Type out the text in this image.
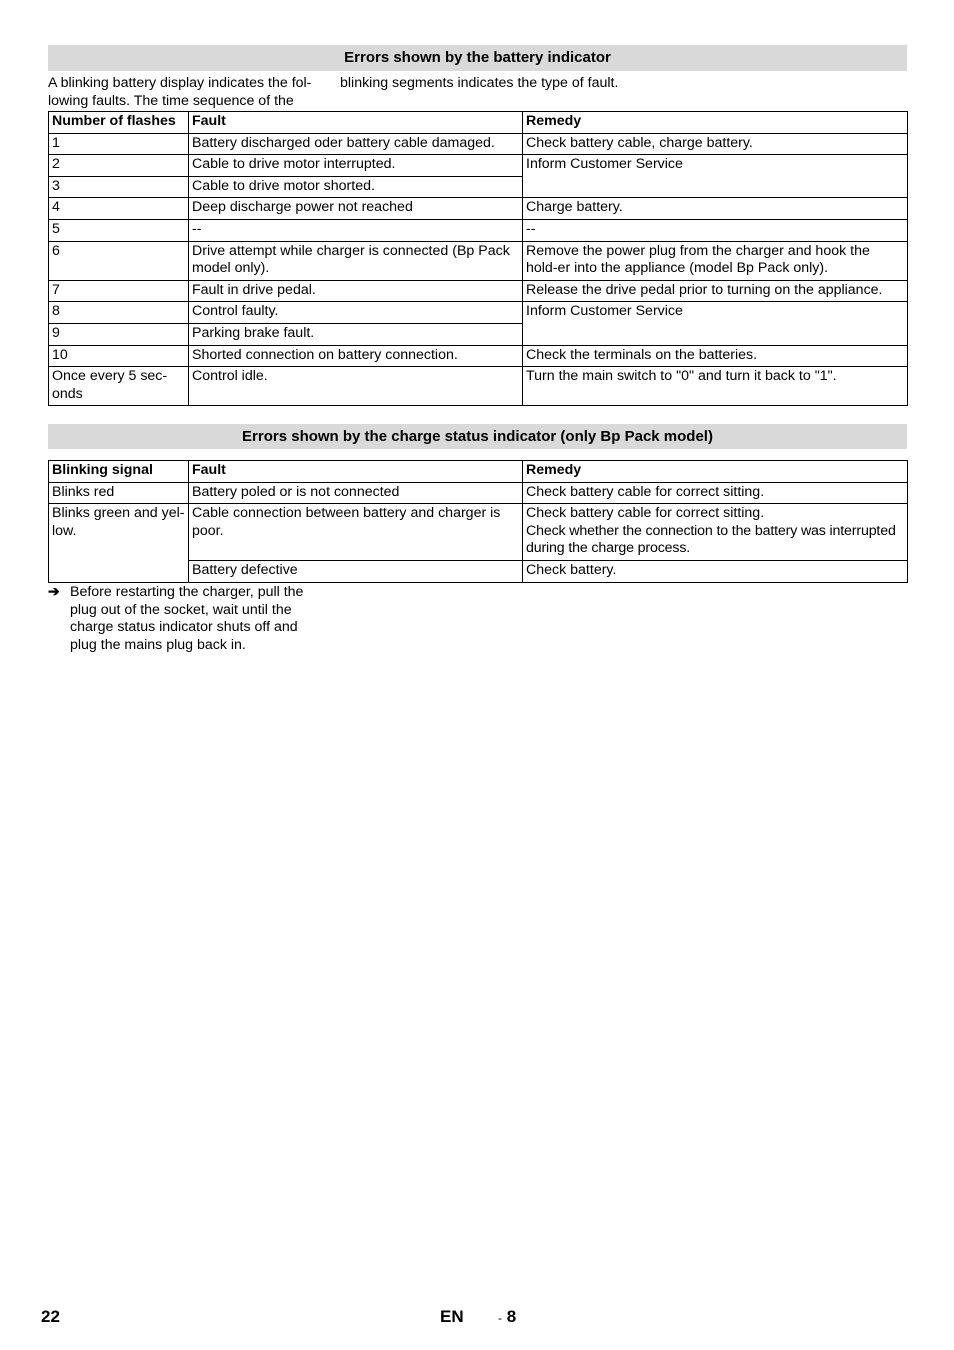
Errors shown by the battery indicator
A blinking battery display indicates the fol-lowing faults. The time sequence of the
blinking segments indicates the type of fault.
Number of flashes	Fault	Remedy
1	Battery discharged oder battery cable damaged.	Check battery cable, charge battery.
2	Cable to drive motor interrupted.	Inform Customer Service
3	Cable to drive motor shorted.	
4	Deep discharge power not reached	Charge battery.
5	--	--
6	Drive attempt while charger is connected (Bp Pack model only).	Remove the power plug from the charger and hook the hold-er into the appliance (model Bp Pack only).
7	Fault in drive pedal.	Release the drive pedal prior to turning on the appliance.
8	Control faulty.	Inform Customer Service
9	Parking brake fault.	
10	Shorted connection on battery connection.	Check the terminals on the batteries.
Once every 5 sec-onds	Control idle.	Turn the main switch to "0" and turn it back to "1".
Errors shown by the charge status indicator (only Bp Pack model)
Blinking signal	Fault	Remedy
Blinks red	Battery poled or is not connected	Check battery cable for correct sitting.
Blinks green and yel-low.	Cable connection between battery and charger is poor.	Check battery cable for correct sitting.
Check whether the connection to the battery was interrupted during the charge process.

	Battery defective	Check battery.
➔ Before restarting the charger, pull the plug out of the socket, wait until the charge status indicator shuts off and plug the mains plug back in.
22	EN	- 8
